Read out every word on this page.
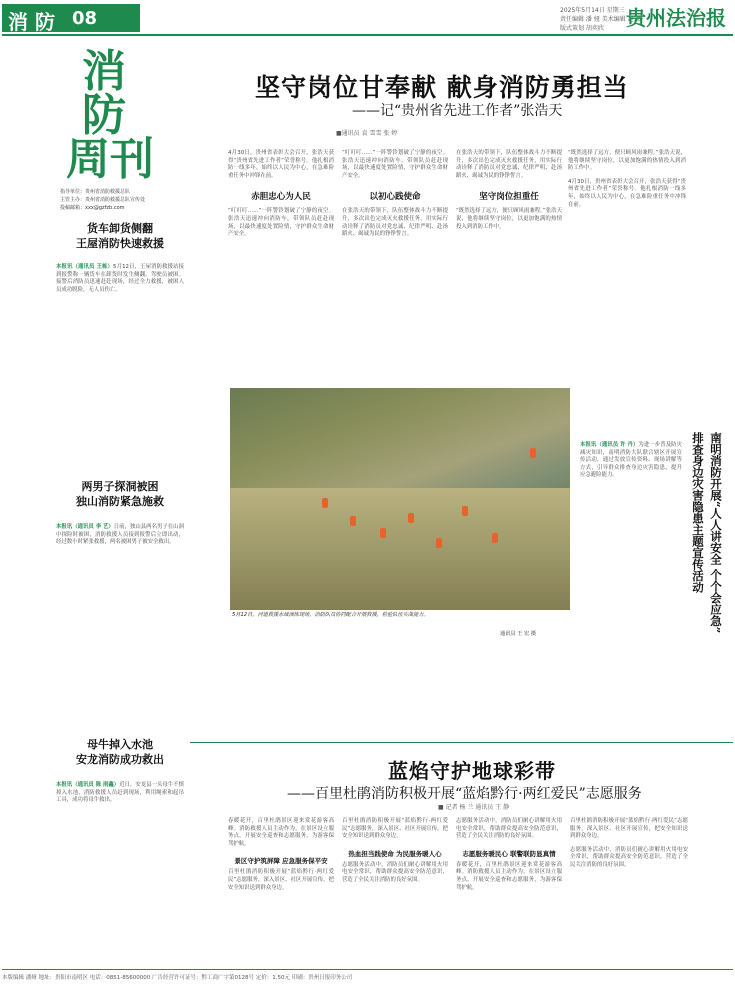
消 防 08	2025年5月14日 星期三
责任编辑 潘 娅 美术编辑 赵 薇
版式策划 胡奕欣	贵州法治报
消防
周刊
指导单位：贵州省消防救援总队
主管主办：贵州省消防救援总队宣传处
投稿邮箱：xxx@gzfzb.com
货车卸货侧翻
王屋消防快速救援
本报讯（通讯员 王栋）5月12日，王屋消防救援站接到报警称一辆货车在卸货时发生侧翻，驾驶员被困。接警后消防员迅速赶赴现场，经过全力救援，被困人员成功脱险，无人员伤亡。
两男子探洞被困
独山消防紧急施救
本报讯（通讯员 李 艺）日前，独山县两名男子在山洞中探险时被困，消防救援人员接到报警后立即出动，经过数小时紧张救援，两名被困男子被安全救出。
母牛掉入水池
安龙消防成功救出
本报讯（通讯员 陈 雨鑫）近日，安龙县一头母牛不慎掉入水池，消防救援人员赶到现场，利用绳索和起吊工具，成功将母牛救出。
坚守岗位甘奉献 献身消防勇担当
——记“贵州省先进工作者”张浩天
■通讯员 袁 雪雪 张 婷
4月30日，贵州省表彰大会召开，张浩天获得“贵州省先进工作者”荣誉称号。他扎根消防一线多年，始终以人民为中心，在急难险重任务中冲锋在前。
赤胆忠心为人民
“叮叮叮……”一阵警铃划破了宁静的夜空。张浩天迅速冲向消防车，带领队员赶赴现场，以最快速度处置险情，守护群众生命财产安全。
“叮叮叮……”一阵警铃划破了宁静的夜空。张浩天迅速冲向消防车，带领队员赶赴现场，以最快速度处置险情，守护群众生命财产安全。
以初心践使命
在张浩天的带领下，队伍整体战斗力不断提升，多次出色完成灭火救援任务，用实际行动诠释了消防员对党忠诚、纪律严明、赴汤蹈火、竭诚为民的铮铮誓言。
在张浩天的带领下，队伍整体战斗力不断提升，多次出色完成灭火救援任务，用实际行动诠释了消防员对党忠诚、纪律严明、赴汤蹈火、竭诚为民的铮铮誓言。
坚守岗位担重任
“既然选择了远方，便只顾风雨兼程。”张浩天说，他将继续坚守岗位，以更加饱满的热情投入到消防工作中。
“既然选择了远方，便只顾风雨兼程。”张浩天说，他将继续坚守岗位，以更加饱满的热情投入到消防工作中。
4月30日，贵州省表彰大会召开，张浩天获得“贵州省先进工作者”荣誉称号。他扎根消防一线多年，始终以人民为中心，在急难险重任务中冲锋在前。
5月12日，河道救援水域演练现场，消防队员协同配合开展救援，检验队伍实战能力。
通讯员 王 宏 摄
南明消防开展“人人讲安全 个个会应急”
排查身边灾害隐患主题宣传活动
本报讯（通讯员 许 丹）为进一步普及防灾减灾知识，南明消防大队联合辖区开展宣传活动，通过发放宣传资料、现场讲解等方式，引导群众排查身边灾害隐患，提升应急避险能力。
蓝焰守护地球彩带
——百里杜鹃消防积极开展“蓝焰黔行·两红爱民”志愿服务
■ 记者 杨 兰 通讯员 王 静
春暖花开，百里杜鹃景区迎来赏花游客高峰。消防救援人员主动作为，在景区设立服务点，开展安全巡查和志愿服务，为游客保驾护航。
景区守护筑屏障 应急服务保平安
百里杜鹃消防积极开展“蓝焰黔行·两红爱民”志愿服务，深入景区、社区开展宣传，把安全知识送到群众身边。
百里杜鹃消防积极开展“蓝焰黔行·两红爱民”志愿服务，深入景区、社区开展宣传，把安全知识送到群众身边。
热血担当践使命 为民服务暖人心
志愿服务活动中，消防员们耐心讲解用火用电安全常识，帮助群众提高安全防范意识，营造了全民关注消防的良好氛围。
志愿服务活动中，消防员们耐心讲解用火用电安全常识，帮助群众提高安全防范意识，营造了全民关注消防的良好氛围。
志愿服务暖民心 联警联防显真情
春暖花开，百里杜鹃景区迎来赏花游客高峰。消防救援人员主动作为，在景区设立服务点，开展安全巡查和志愿服务，为游客保驾护航。
百里杜鹃消防积极开展“蓝焰黔行·两红爱民”志愿服务，深入景区、社区开展宣传，把安全知识送到群众身边。
志愿服务活动中，消防员们耐心讲解用火用电安全常识，帮助群众提高安全防范意识，营造了全民关注消防的良好氛围。
本版编辑 潘娅 地址：贵阳市南明区 电话：0851-85600000 广告经营许可证号：黔工商广字第0128号 定价：1.50元 印刷：贵州日报印务公司
